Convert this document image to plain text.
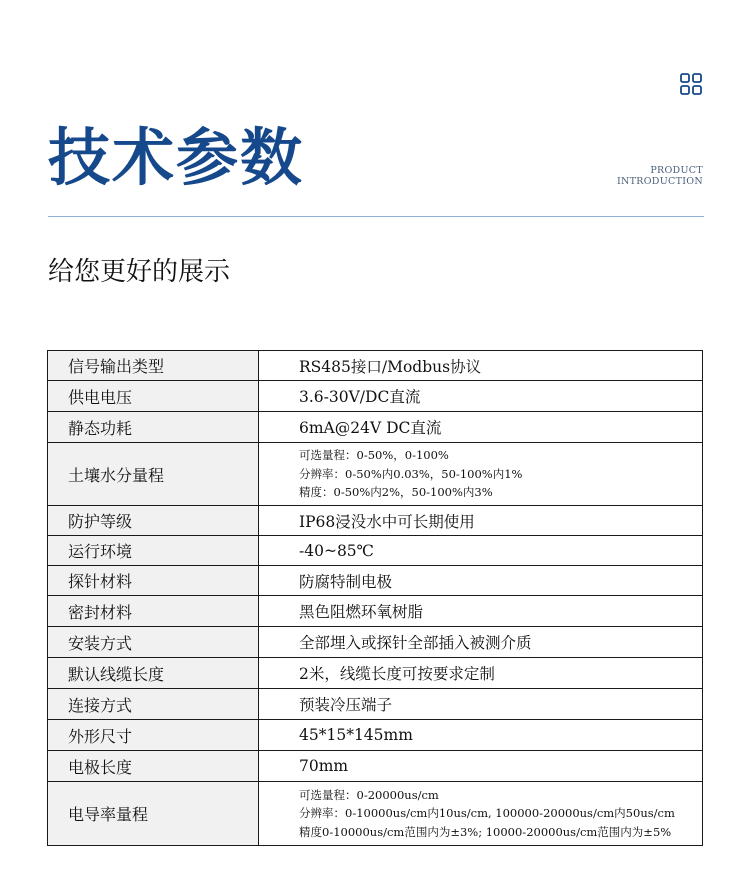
技术参数	PRODUCT
INTRODUCTION
给您更好的展示
信号输出类型	RS485接口/Modbus协议
供电电压	3.6-30V/DC直流
静态功耗	6mA@24V DC直流
土壤水分量程	可选量程：0-50%，0-100%
分辨率：0-50%内0.03%，50-100%内1%
精度：0-50%内2%，50-100%内3%

防护等级	IP68浸没水中可长期使用
运行环境	-40~85℃
探针材料	防腐特制电极
密封材料	黑色阻燃环氧树脂
安装方式	全部埋入或探针全部插入被测介质
默认线缆长度	2米，线缆长度可按要求定制
连接方式	预装冷压端子
外形尺寸	45*15*145mm
电极长度	70mm
电导率量程	可选量程：0-20000us/cm
分辨率：0-10000us/cm内10us/cm, 100000-20000us/cm内50us/cm
精度0-10000us/cm范围内为±3%; 10000-20000us/cm范围内为±5%
